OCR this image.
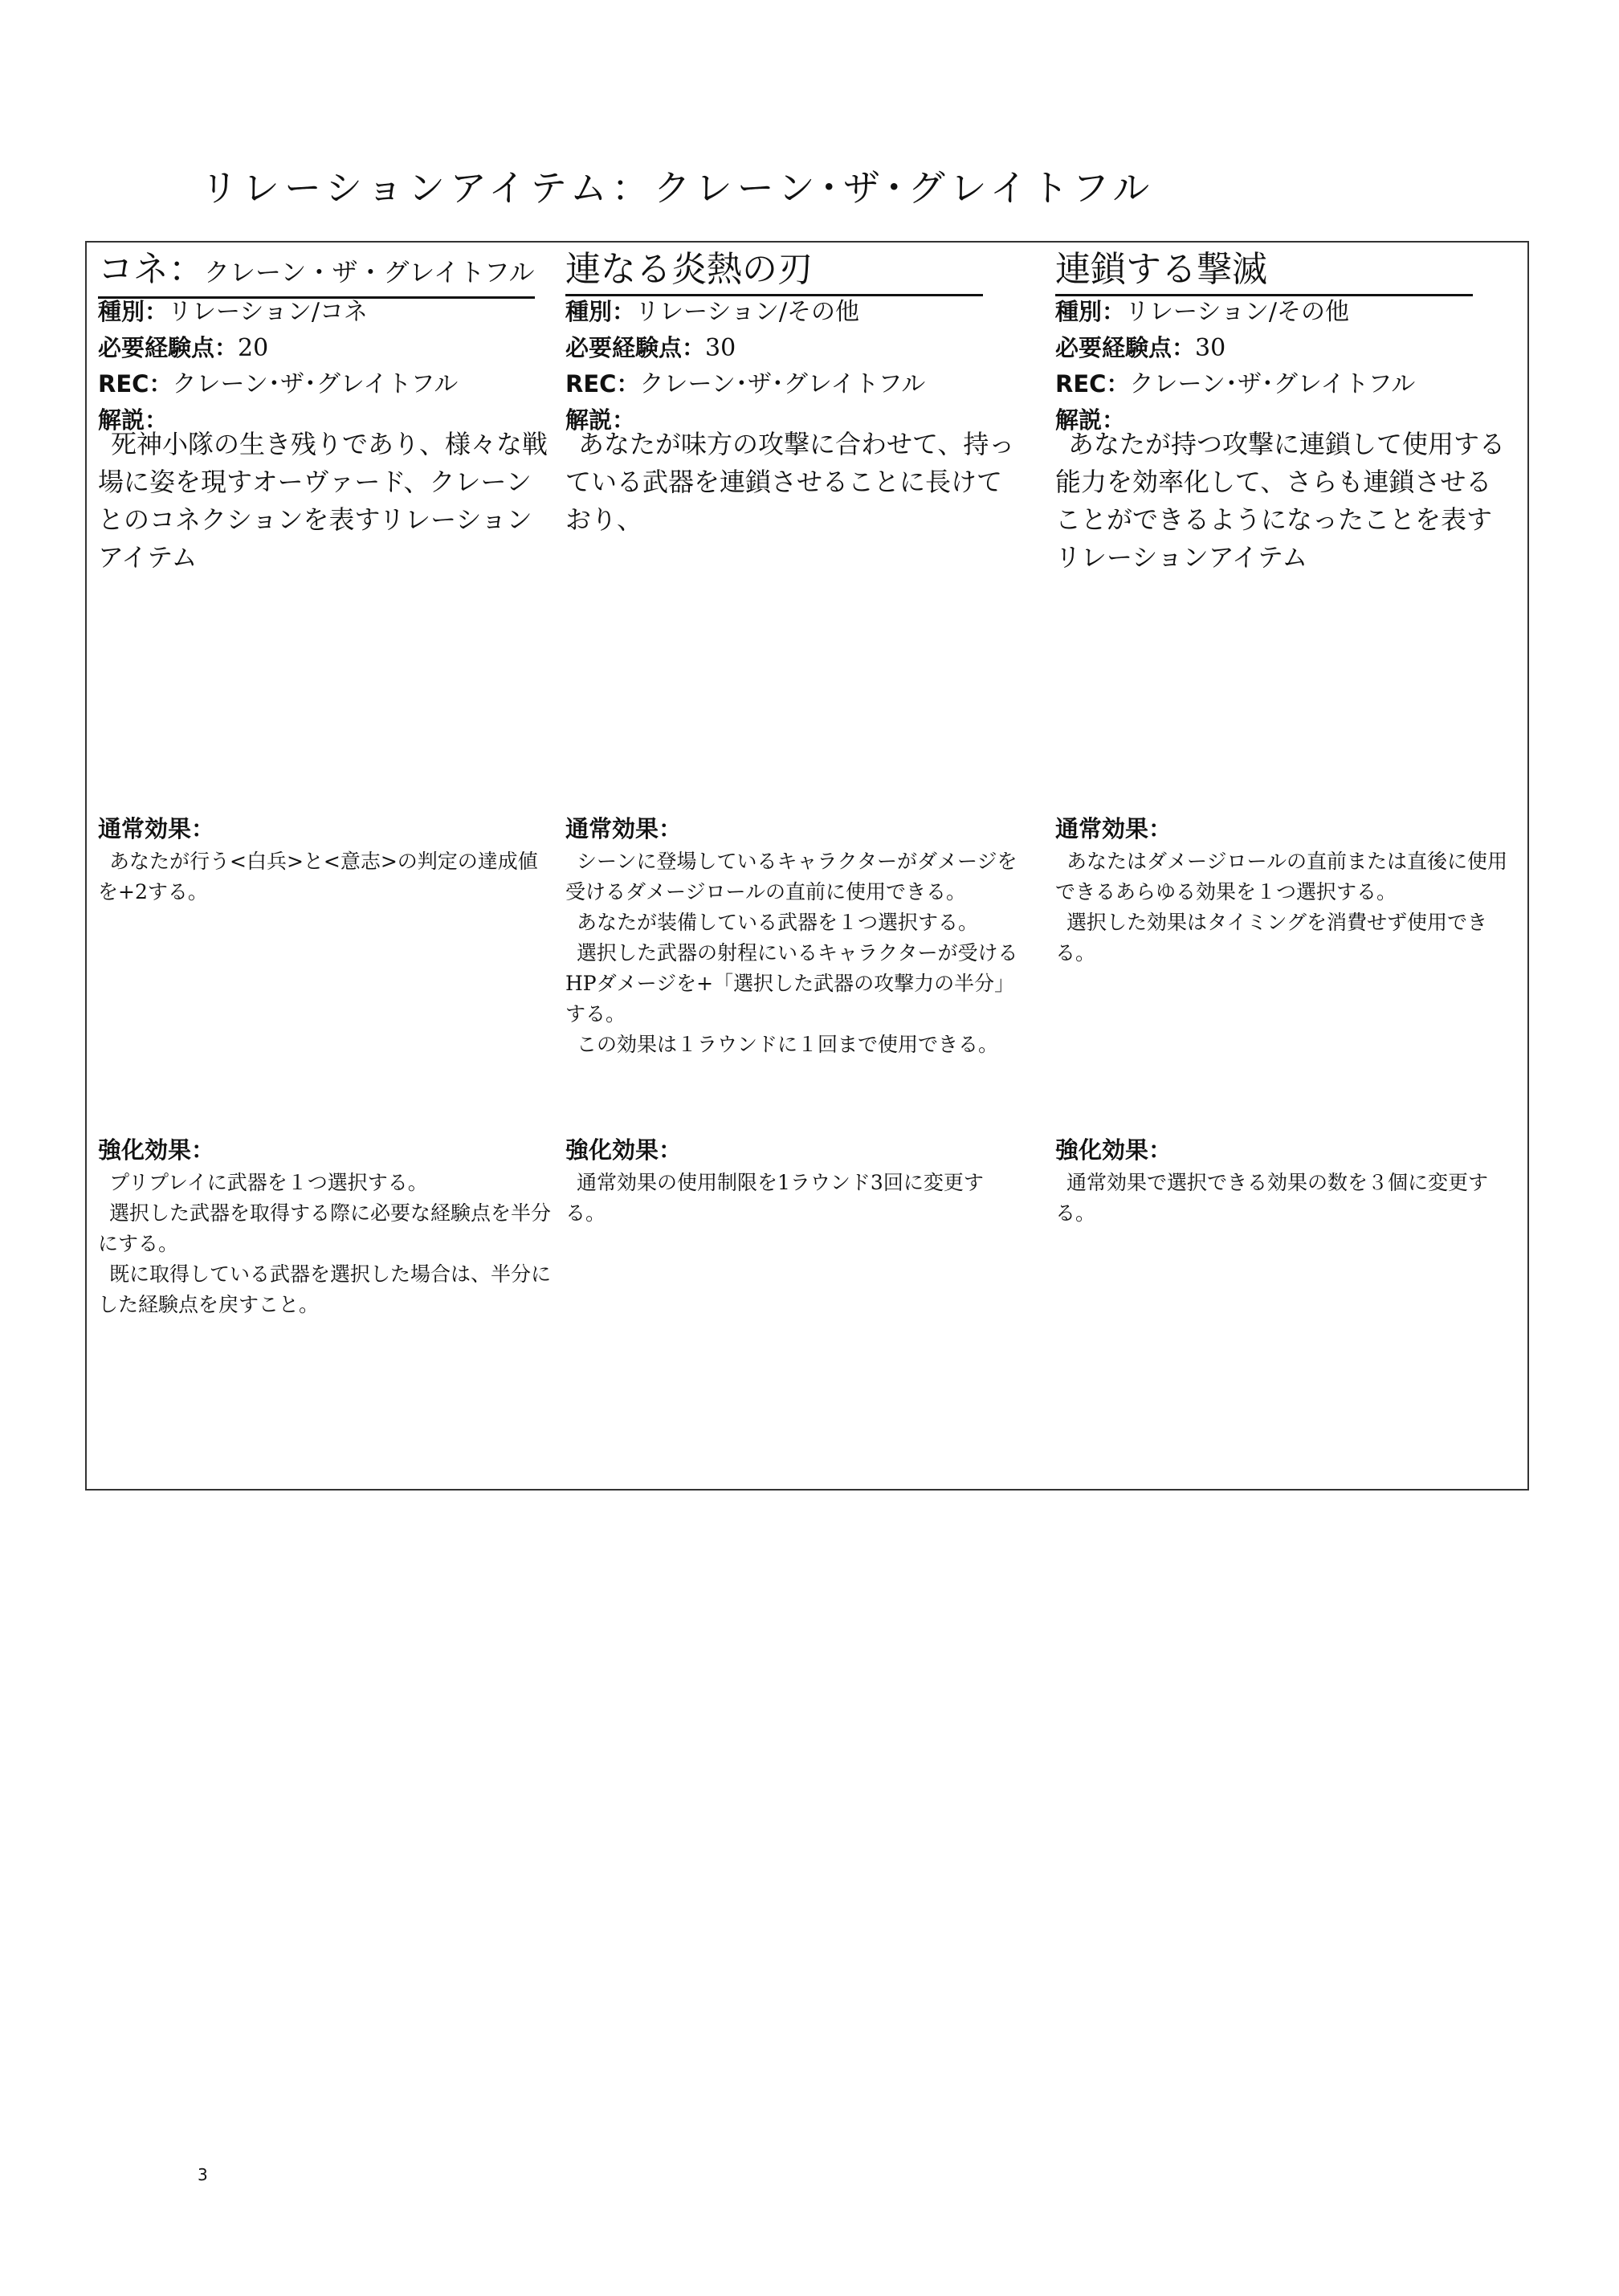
リレーションアイテム：クレーン･ザ･グレイトフル
コネ：クレーン・ザ・グレイトフル
種別：リレーション/コネ
必要経験点：20
REC：クレーン･ザ･グレイトフル
解説：
死神小隊の生き残りであり、様々な戦場に姿を現すオーヴァード、クレーンとのコネクションを表すリレーションアイテム
通常効果：

あなたが行う<白兵>と<意志>の判定の達成値を+2する。

強化効果：

プリプレイに武器を１つ選択する。

選択した武器を取得する際に必要な経験点を半分にする。

既に取得している武器を選択した場合は、半分にした経験点を戻すこと。

連なる炎熱の刃
種別：リレーション/その他
必要経験点：30
REC：クレーン･ザ･グレイトフル
解説：
あなたが味方の攻撃に合わせて、持っている武器を連鎖させることに長けており、
通常効果：

シーンに登場しているキャラクターがダメージを受けるダメージロールの直前に使用できる。

あなたが装備している武器を１つ選択する。

選択した武器の射程にいるキャラクターが受けるHPダメージを+「選択した武器の攻撃力の半分」する。

この効果は１ラウンドに１回まで使用できる。

強化効果：

通常効果の使用制限を1ラウンド3回に変更する。

連鎖する撃滅
種別：リレーション/その他
必要経験点：30
REC：クレーン･ザ･グレイトフル
解説：
あなたが持つ攻撃に連鎖して使用する能力を効率化して、さらも連鎖させることができるようになったことを表すリレーションアイテム
通常効果：

あなたはダメージロールの直前または直後に使用できるあらゆる効果を１つ選択する。

選択した効果はタイミングを消費せず使用できる。

強化効果：

通常効果で選択できる効果の数を３個に変更する。

3
